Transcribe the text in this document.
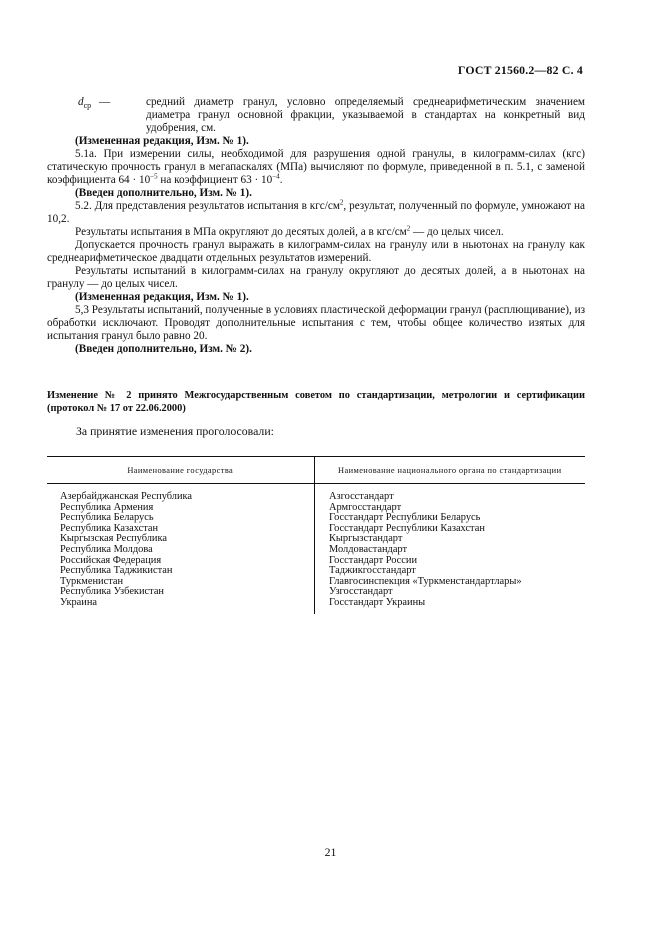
ГОСТ 21560.2—82 С. 4
$d_{ср}$ —	средний диаметр гранул, условно определяемый среднеарифметическим значением диаметра гранул основной фракции, указываемой в стандартах на конкретный вид удобрения, см.

(Измененная редакция, Изм. № 1).

5.1а. При измерении силы, необходимой для разрушения одной гранулы, в килограмм-силах (кгс) статическую прочность гранул в мегапаскалях (МПа) вычисляют по формуле, приведенной в п. 5.1, с заменой коэффициента $64 \cdot 10^{-5}$ на коэффициент $63 \cdot 10^{-4}$.

(Введен дополнительно, Изм. № 1).

5.2. Для представления результатов испытания в кгс/$см^2$, результат, полученный по формуле, умножают на 10,2.

Результаты испытания в МПа округляют до десятых долей, а в кгс/$см^2$ — до целых чисел.

Допускается прочность гранул выражать в килограмм-силах на гранулу или в ньютонах на гранулу как среднеарифметическое двадцати отдельных результатов измерений.

Результаты испытаний в килограмм-силах на гранулу округляют до десятых долей, а в ньютонах на гранулу — до целых чисел.

(Измененная редакция, Изм. № 1).

5,3 Результаты испытаний, полученные в условиях пластической деформации гранул (расплющивание), из обработки исключают. Проводят дополнительные испытания с тем, чтобы общее количество изятых для испытания гранул было равно 20.

(Введен дополнительно, Изм. № 2).

Изменение № 2 принято Межгосударственным советом по стандартизации, метрологии и сертификации (протокол № 17 от 22.06.2000)

За принятие изменения проголосовали:
Наименование государства	Наименование национального органа по стандартизации
Азербайджанская Республика
Республика Армения
Республика Беларусь
Республика Казахстан
Кыргызская Республика
Республика Молдова
Российская Федерация
Республика Таджикистан
Туркменистан
Республика Узбекистан
Украина
Азгосстандарт
Армгосстандарт
Госстандарт Республики Беларусь
Госстандарт Республики Казахстан
Кыргызстандарт
Молдовастандарт
Госстандарт России
Таджикгосстандарт
Главгосинспекция «Туркменстандартлары»
Узгосстандарт
Госстандарт Украины
21
